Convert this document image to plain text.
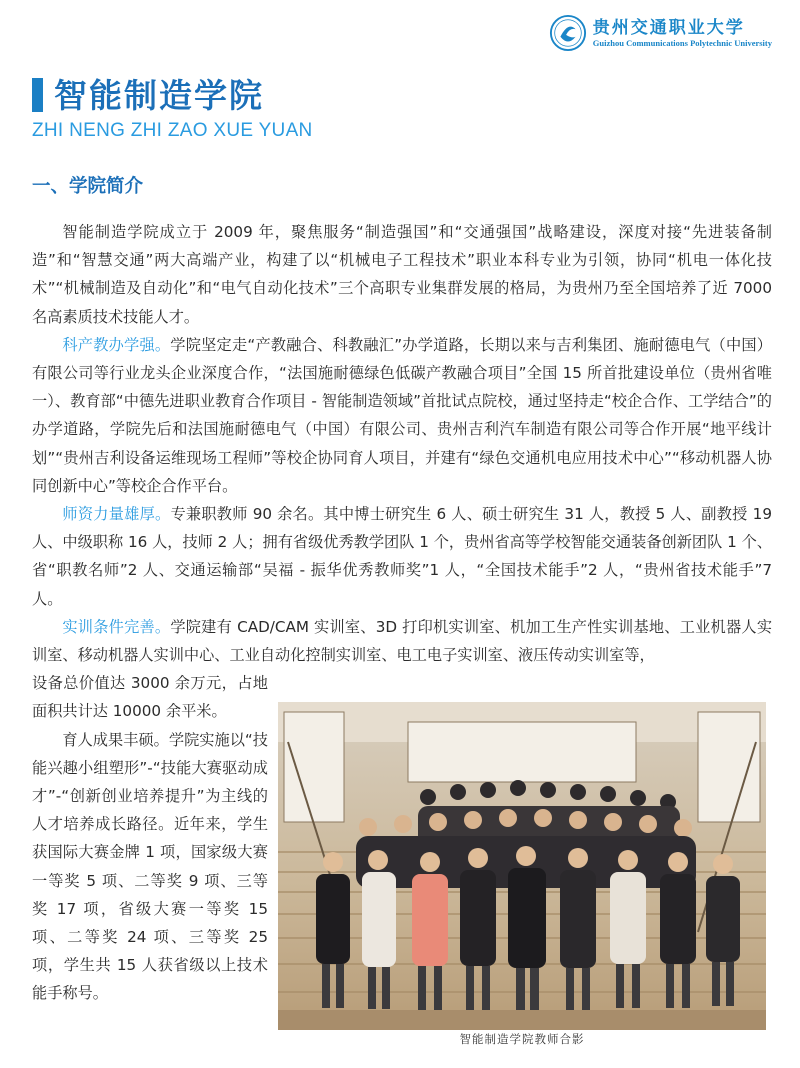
贵州交通职业大学
Guizhou Communications Polytechnic University
智能制造学院
ZHI NENG ZHI ZAO XUE YUAN
一、学院简介

智能制造学院成立于 2009 年，聚焦服务“制造强国”和“交通强国”战略建设，深度对接“先进装备制造”和“智慧交通”两大高端产业，构建了以“机械电子工程技术”职业本科专业为引领，协同“机电一体化技术”“机械制造及自动化”和“电气自动化技术”三个高职专业集群发展的格局，为贵州乃至全国培养了近 7000 名高素质技术技能人才。

科产教办学强。学院坚定走“产教融合、科教融汇”办学道路，长期以来与吉利集团、施耐德电气（中国）有限公司等行业龙头企业深度合作，“法国施耐德绿色低碳产教融合项目”全国 15 所首批建设单位（贵州省唯一）、教育部“中德先进职业教育合作项目 - 智能制造领域”首批试点院校，通过坚持走“校企合作、工学结合”的办学道路，学院先后和法国施耐德电气（中国）有限公司、贵州吉利汽车制造有限公司等合作开展“地平线计划”“贵州吉利设备运维现场工程师”等校企协同育人项目，并建有“绿色交通机电应用技术中心”“移动机器人协同创新中心”等校企合作平台。

师资力量雄厚。专兼职教师 90 余名。其中博士研究生 6 人、硕士研究生 31 人，教授 5 人、副教授 19 人、中级职称 16 人，技师 2 人；拥有省级优秀教学团队 1 个，贵州省高等学校智能交通装备创新团队 1 个、省“职教名师”2 人、交通运输部“吴福 - 振华优秀教师奖”1 人，“全国技术能手”2 人，“贵州省技术能手”7 人。

实训条件完善。学院建有 CAD/CAM 实训室、3D 打印机实训室、机加工生产性实训基地、工业机器人实训室、移动机器人实训中心、工业自动化控制实训室、电工电子实训室、液压传动实训室等，

设备总价值达 3000 余万元，占地面积共计达 10000 余平米。

育人成果丰硕。学院实施以“技能兴趣小组塑形”-“技能大赛驱动成才”-“创新创业培养提升”为主线的人才培养成长路径。近年来，学生获国际大赛金牌 1 项，国家级大赛一等奖 5 项、二等奖 9 项、三等奖 17 项，省级大赛一等奖 15 项、二等奖 24 项、三等奖 25 项，学生共 15 人获省级以上技术能手称号。

智能制造学院教师合影
